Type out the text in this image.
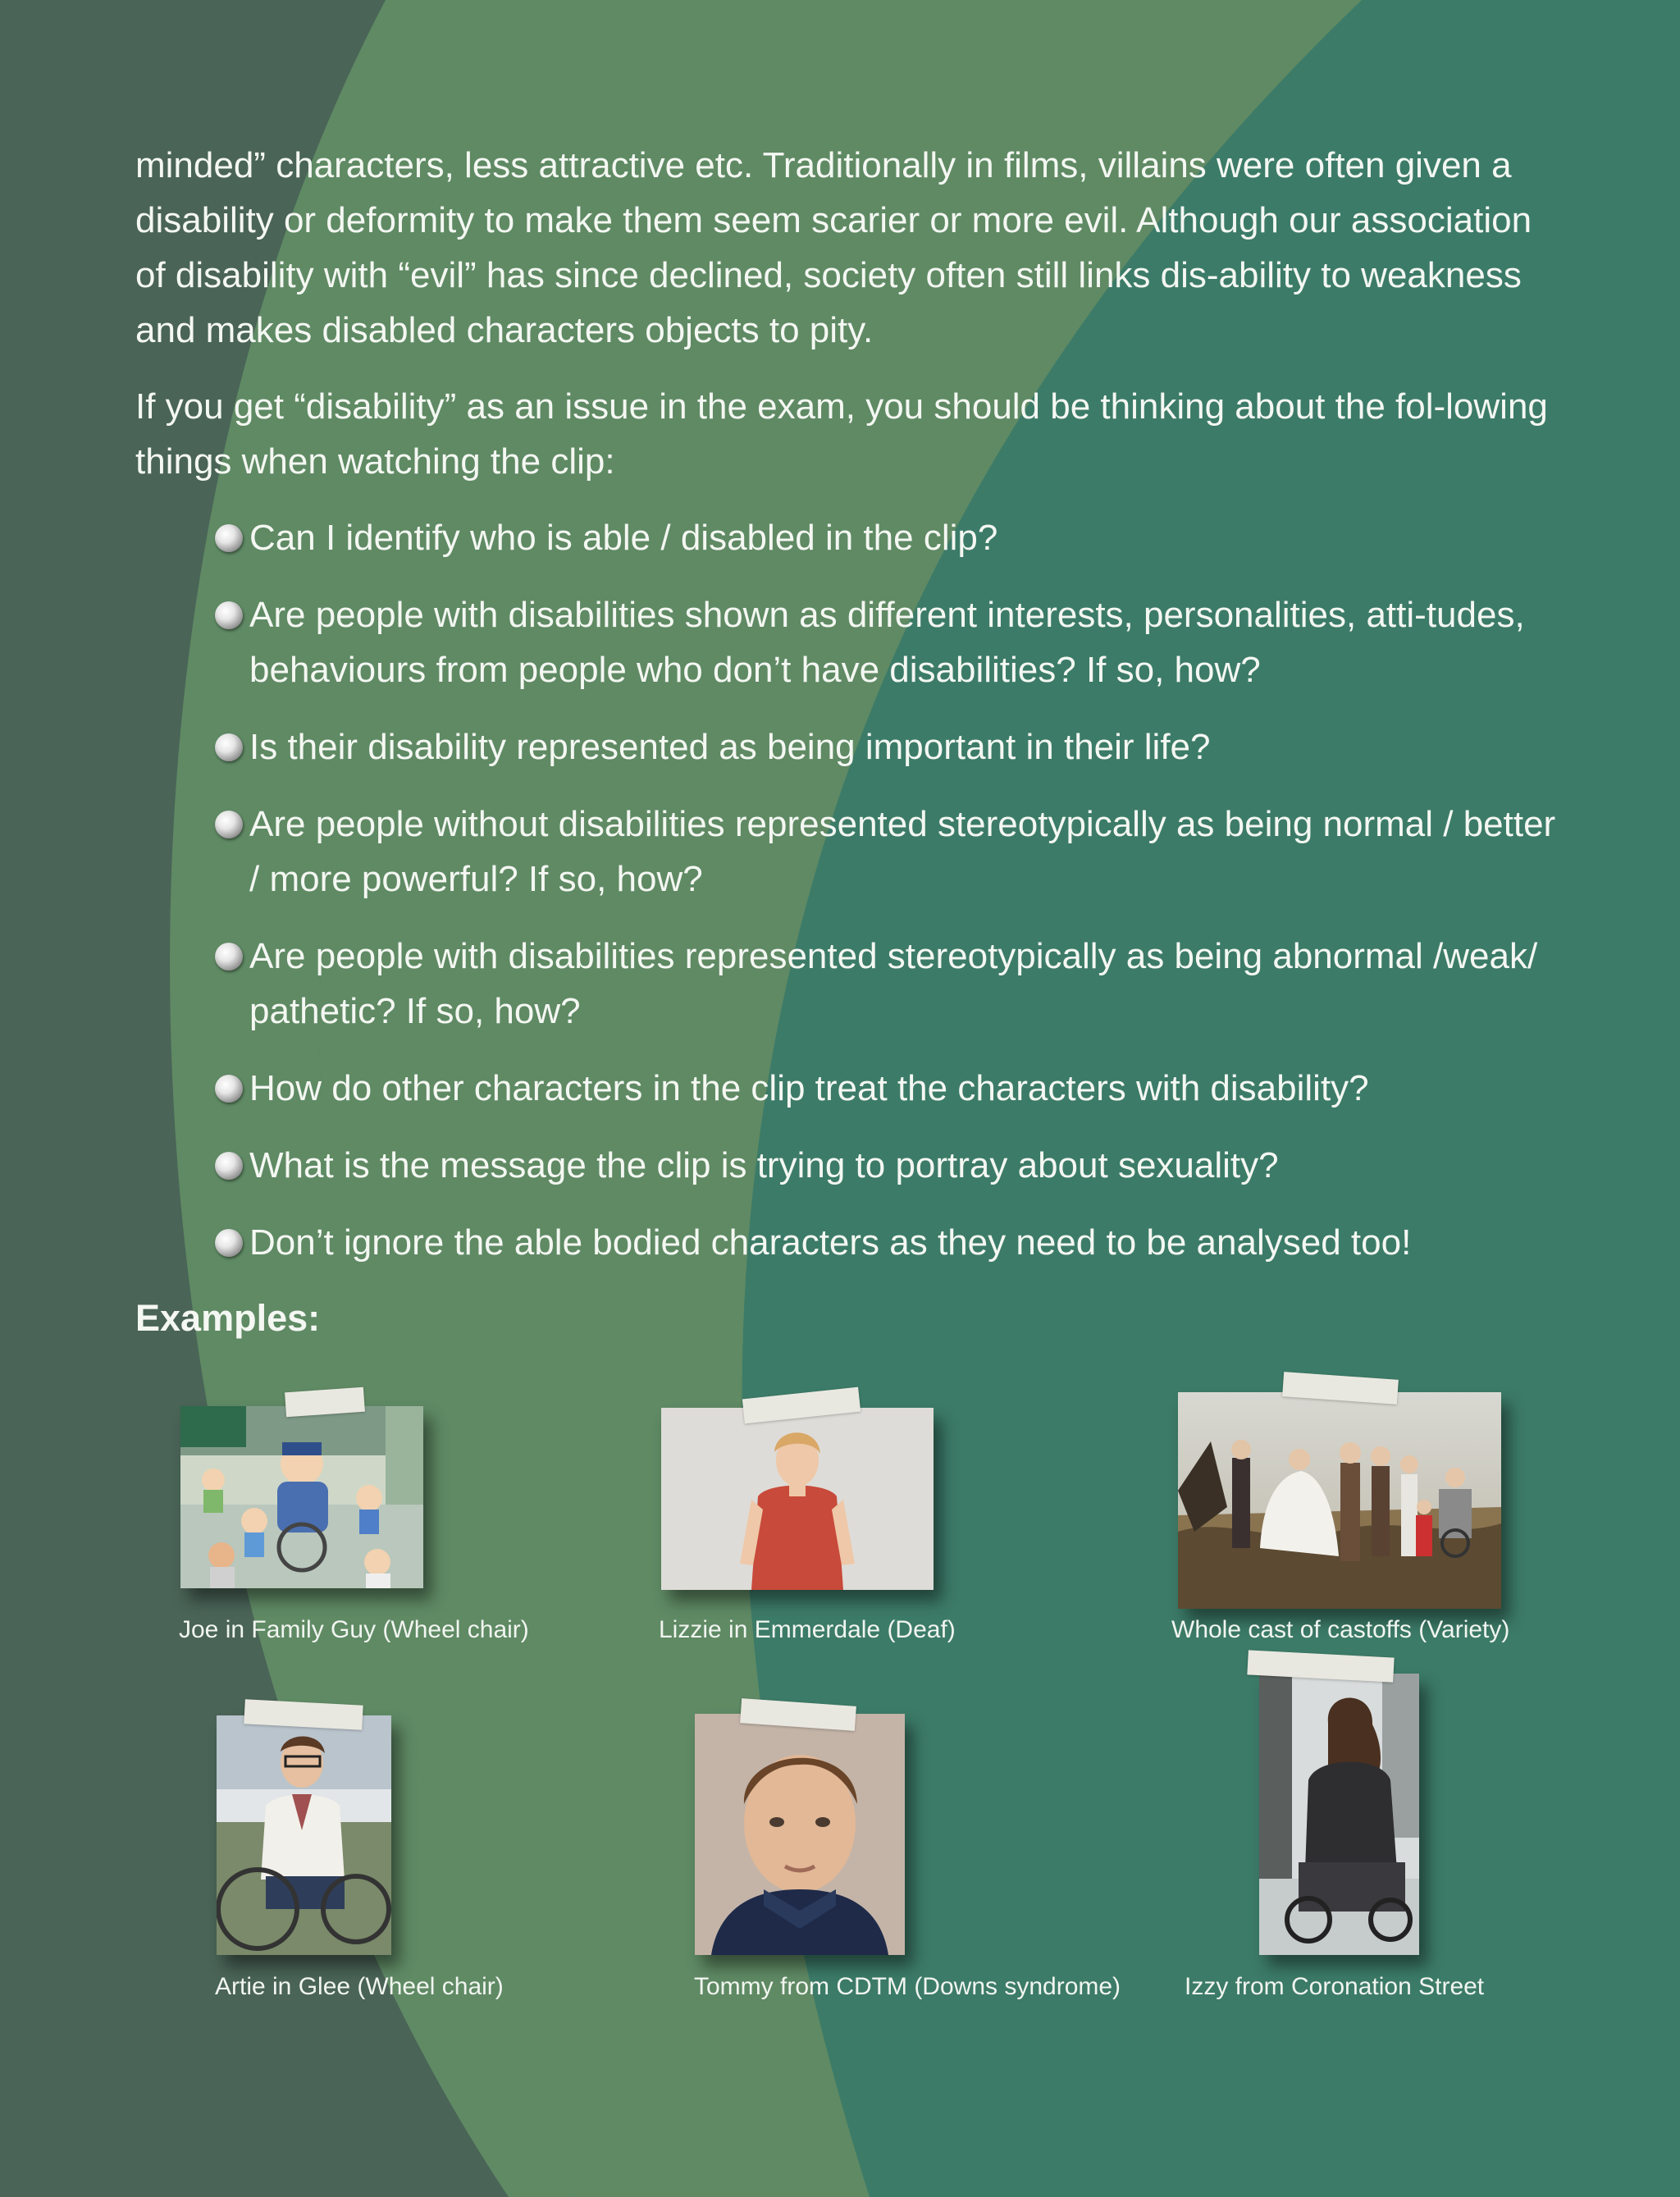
minded” characters, less attractive etc. Traditionally in films, villains were often given a disability or deformity to make them seem scarier or more evil. Although our association of disability with “evil” has since declined, society often still links dis-ability to weakness and makes disabled characters objects to pity.

If you get “disability” as an issue in the exam, you should be thinking about the fol-lowing things when watching the clip:

Can I identify who is able / disabled in the clip?
Are people with disabilities shown as different interests, personalities, atti-tudes, behaviours from people who don’t have disabilities? If so, how?
Is their disability represented as being important in their life?
Are people without disabilities represented stereotypically as being normal / better / more powerful? If so, how?
Are people with disabilities represented stereotypically as being abnormal /weak/ pathetic? If so, how?
How do other characters in the clip treat the characters with disability?
What is the message the clip is trying to portray about sexuality?
Don’t ignore the able bodied characters as they need to be analysed too!
Examples:
Joe in Family Guy (Wheel chair)	Lizzie in Emmerdale (Deaf)	Whole cast of castoffs (Variety)
Artie in Glee (Wheel chair)	Tommy from CDTM (Downs syndrome)	Izzy from Coronation Street
